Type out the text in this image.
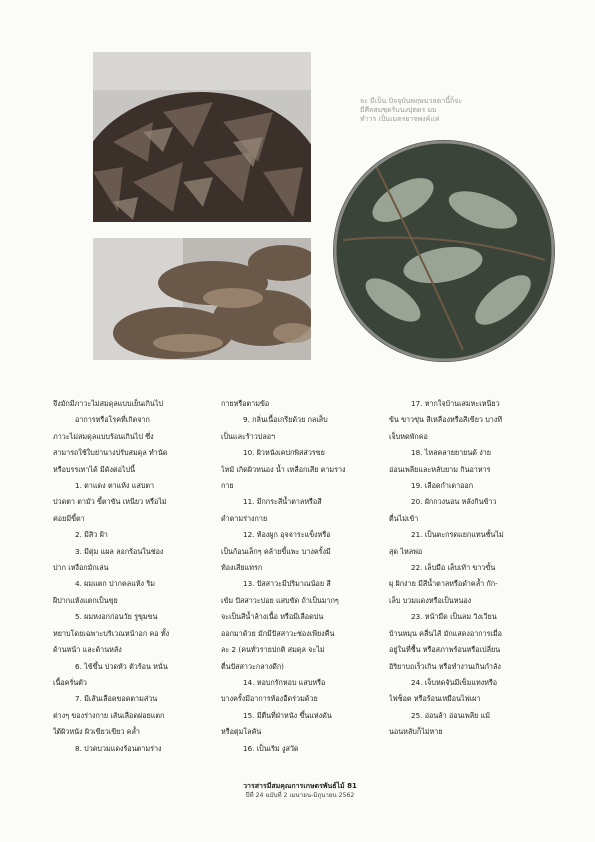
จะ มีเป็น ปัจจุบันพฤษมวลตานี้ก็จะ
มีศีลสมชุดรับนงปุตตร มม
ทำาร เป็นเมตรยาจพงค์แห่

จึงมักมีภาวะไม่สมดุลแบบเย็นเกินไป

อาการหรือโรคที่เกิดจาก

ภาวะไม่สมดุลแบบร้อนเกินไป ซึ่ง

สามารถใช้ใบย่านางปรับสมดุล ทำนัด

หรือบรรเทาได้ มีดังต่อไปนี้

1. ตาแดง ตาแห้ง แสบตา

ปวดตา ตามัว ขี้ตาขัน เหนียว หรือไม่

ค่อยมีขี้ตา

2. มีสิว ฝ้า

3. มีตุ่ม แผล ลอกร้อนในช่อง

ปาก เหงือกมักเล่น

4. ผมแตก ปากคลแห้ง ริม

ฝีปากแห้งแตกเป็นขุย

5. ผมหงอกก่อนวัย รูขุมขน

หยาบโดยเฉพาะบริเวณหน้าอก คอ ทั้ง

ด้านหน้า และด้านหลัง

6. ไข้ขึ้น ปวดหัว ตัวร้อน หนั่น

เนื้อครั่นตัว

7. มีเส้นเลือดขอดตามส่วน

ต่างๆ ของร่างกาย เส้นเลือดฝอยแตก

ใต้ผิวหนัง ผิวเขียวเขียว คล้ำ

8. ปวดบวมแดงร้อนตามร่าง

กายหรือตามข้อ

9. กลิ่นเนื้อเกรียด้วย กลเส็บ

เป็นและร้าวปลอฯ

10. ผิวหนังเคปกพิสส่วรขย

ไหม้ เกิดผิวหนอง น้ำ เหลือกเสีย ตามราง

กาย

11. มีกกระสีน้ำตาลหรือสี

ดำตามร่างกาย

12. ท้องผูก อุจจาระแข็งหรือ

เป็นก้อนเล็กๆ คล้ายขี้แพะ บางครั้งมี

ท้องเสียแทรก

13. ปัสสาวะมีปริมาณน้อย สี

เข้ม ปัสสาวะบ่อย แสบขัด ถ้าเป็นมากๆ

จะเป็นสีน้ำล้างเนื้อ หรือมีเลือดปน

ออกมาด้วย มักมีปัสสาวะช่องเพียงคืน

ละ 2 (คนทั่วรายปกติ สมดุล จะไม่

ตื่นปัสสาวะกลางดึก)

14. หอบกรักหอบ แสบหรือ

บางครั้งมีอาการท้องอืดร่วมด้วย

15. มีตืนที่ฝ่าหนัง ขึ้นแห่งดัน

หรือตุ่มโลคัน

16. เป็นเริม งูสวัด

17. หากใจบ้านเสมหะเหนียว

ข้น ขาวขุ่น สีเหลืองหรือสีเขียว บางที

เจ็บหดพักคอ

18. ไหลคลายยายนด้ ง่าย

อ่อนเพลียและหลับยาม กินอาหาร

19. เลือดกำเดาออก

20. ผักกวงนอน หลังกินข้าว

ตื่นไม่เข้า

21. เป็นตะกรดแยกแทนชั้นไม่

สุด ไหลพ่อ

22. เล็บมือ เล็บเท้า ขาวขั้น

ผุ ผิกง่าย มีสีน้ำตาลหรือดำคล้ำ กัก-

เล็บ บวมแดงหรือเป็นหนอง

23. หน้ามืด เป็นลม วิงเวียน

บ้านหมุน คลื่นไส้ มักแสดงอาการเมื่อ

อยู่ในที่ชื้น หรือสภาพร้อนหรือเปลี่ยน

อิริยาบถเร็วเกิน หรือทำงานเกินกำลัง

24. เจ็บหดจันมีเข็มแทงหรือ

ไฟช็อต หรือร้อนเหมือนไฟเผา

25. อ่อนล้า อ่อนเพลีย แม้

นอนหลับก็ไม่หาย

วารสารมีสมคุณการเกษตรพันธ์ไม้ 81
ปีที่ 24 ฉบับที่ 2 เมษายน-มิถุนายน 2562
